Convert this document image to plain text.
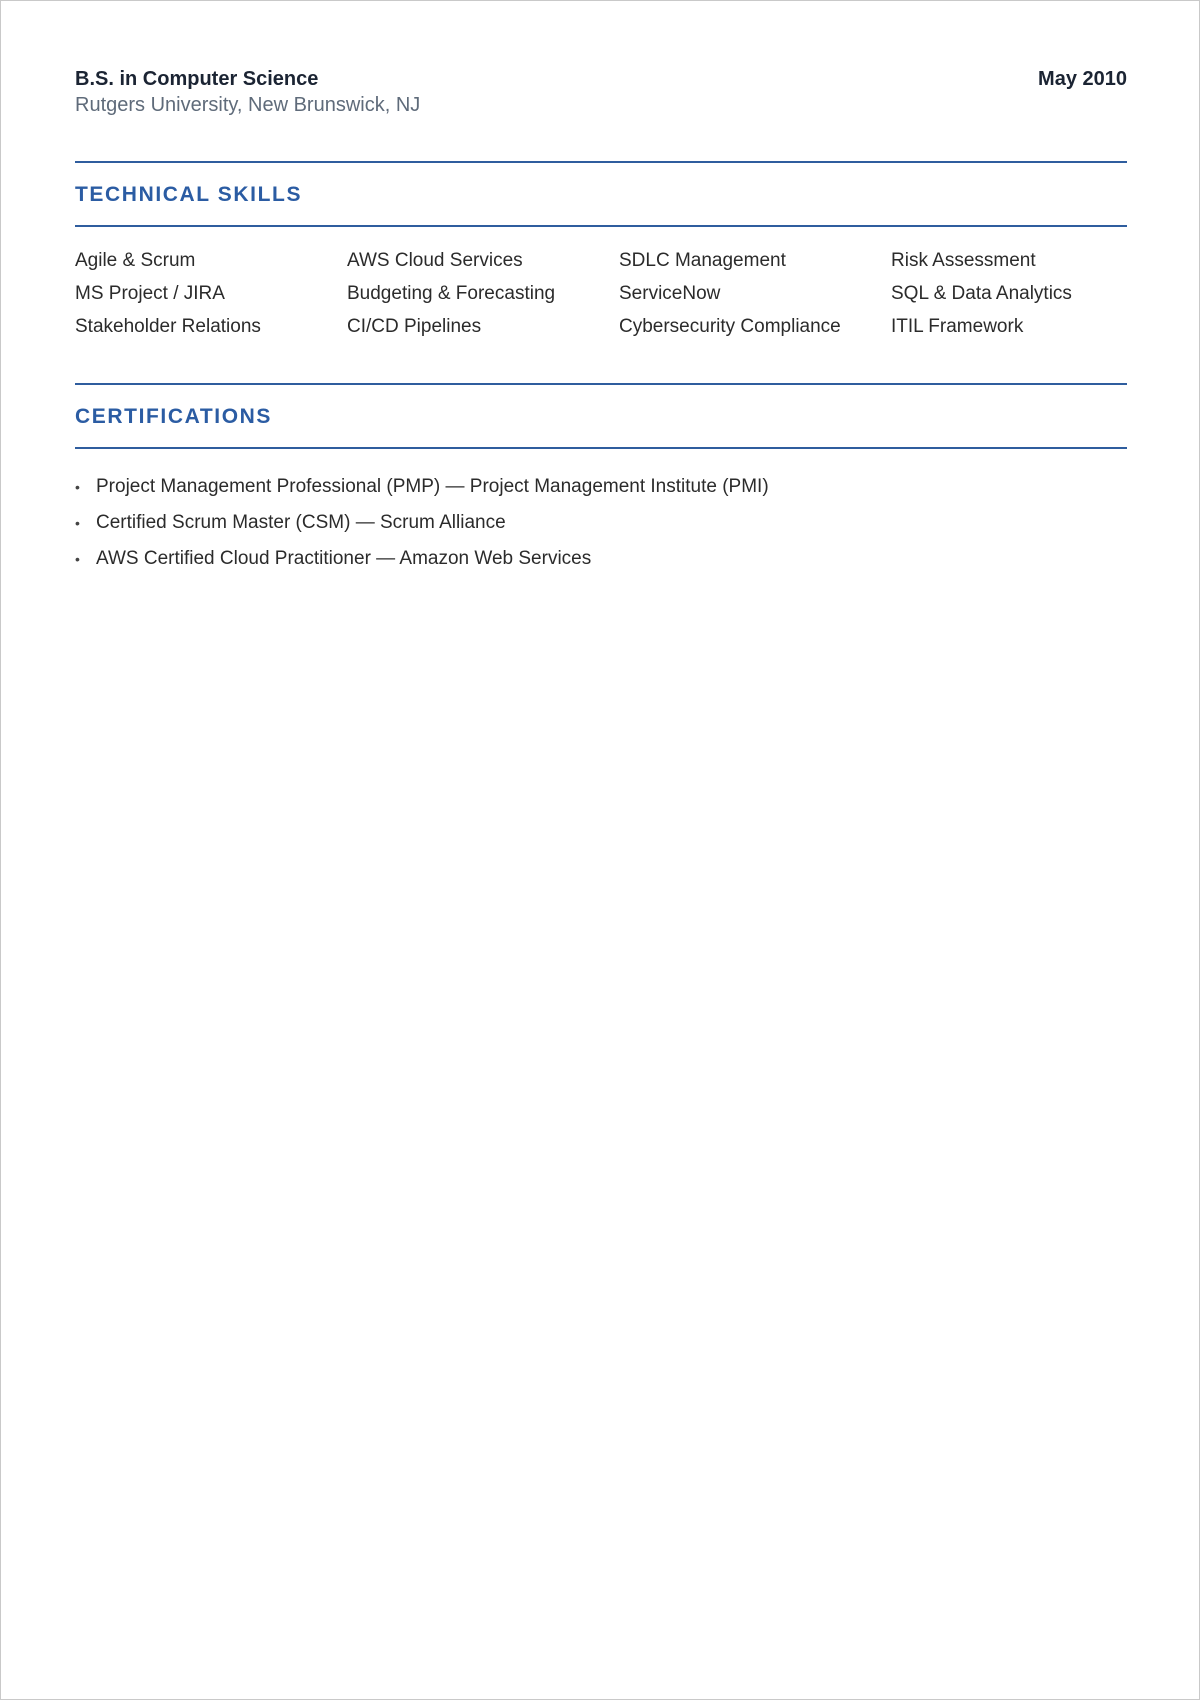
B.S. in Computer Science	May 2010
Rutgers University, New Brunswick, NJ
TECHNICAL SKILLS
Agile & Scrum	AWS Cloud Services	SDLC Management	Risk Assessment
MS Project / JIRA	Budgeting & Forecasting	ServiceNow	SQL & Data Analytics
Stakeholder Relations	CI/CD Pipelines	Cybersecurity Compliance	ITIL Framework
CERTIFICATIONS
• Project Management Professional (PMP) — Project Management Institute (PMI)
• Certified Scrum Master (CSM) — Scrum Alliance
• AWS Certified Cloud Practitioner — Amazon Web Services
